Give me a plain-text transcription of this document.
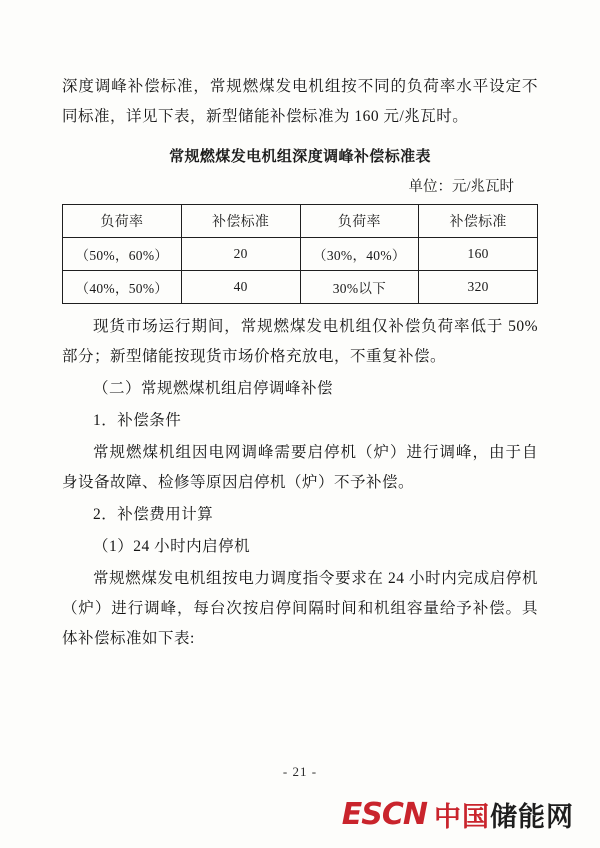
深度调峰补偿标准，常规燃煤发电机组按不同的负荷率水平设定不同标准，详见下表，新型储能补偿标准为 160 元/兆瓦时。

常规燃煤发电机组深度调峰补偿标准表
单位：元/兆瓦时
负荷率	补偿标准	负荷率	补偿标准
（50%，60%）	20	（30%，40%）	160
（40%，50%）	40	30%以下	320

现货市场运行期间，常规燃煤发电机组仅补偿负荷率低于 50%部分；新型储能按现货市场价格充放电，不重复补偿。

（二）常规燃煤机组启停调峰补偿

1．补偿条件

常规燃煤机组因电网调峰需要启停机（炉）进行调峰，由于自身设备故障、检修等原因启停机（炉）不予补偿。

2．补偿费用计算

（1）24 小时内启停机

常规燃煤发电机组按电力调度指令要求在 24 小时内完成启停机（炉）进行调峰，每台次按启停间隔时间和机组容量给予补偿。具体补偿标准如下表:

- 21 -
ESCN 中国储能网
